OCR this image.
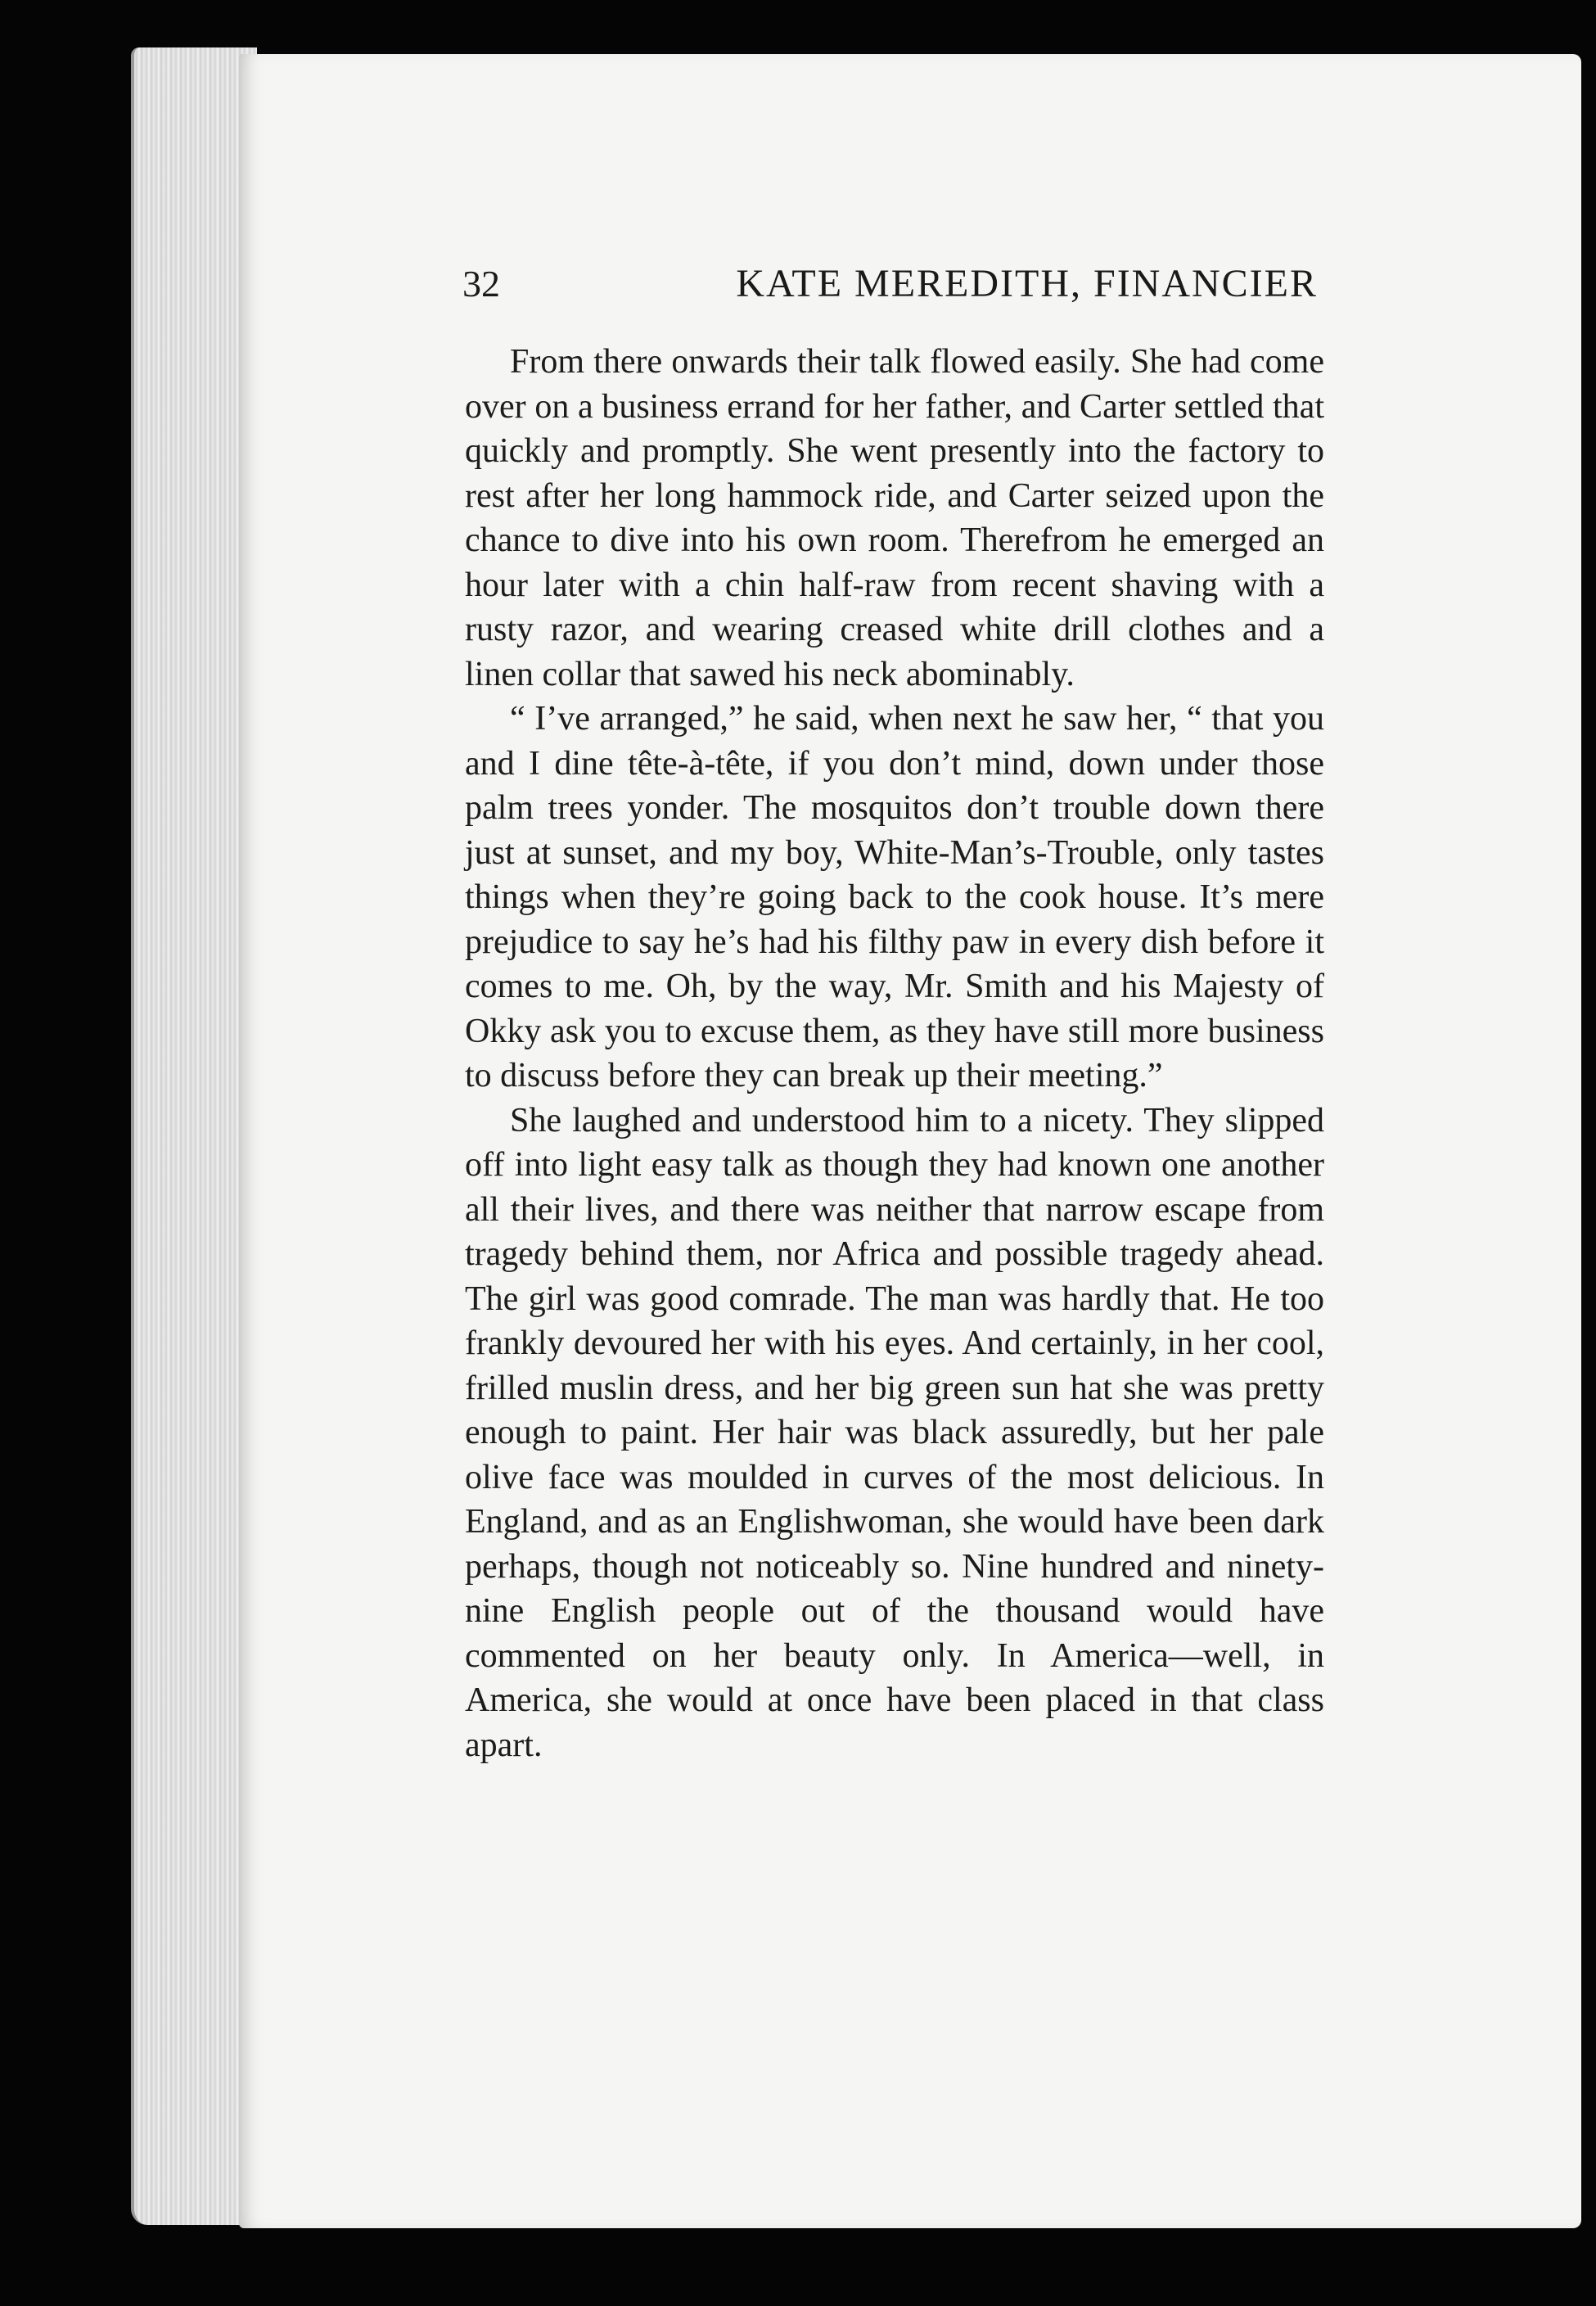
32	KATE MEREDITH, FINANCIER

From there onwards their talk flowed easily. She had come over on a business errand for her father, and Carter settled that quickly and promptly. She went presently into the factory to rest after her long hammock ride, and Carter seized upon the chance to dive into his own room. Therefrom he emerged an hour later with a chin half-raw from recent shaving with a rusty razor, and wearing creased white drill clothes and a linen collar that sawed his neck abominably.

“ I’ve arranged,” he said, when next he saw her, “ that you and I dine tête-à-tête, if you don’t mind, down under those palm trees yonder. The mosquitos don’t trouble down there just at sunset, and my boy, White-Man’s-Trouble, only tastes things when they’re going back to the cook house. It’s mere prejudice to say he’s had his filthy paw in every dish before it comes to me. Oh, by the way, Mr. Smith and his Majesty of Okky ask you to excuse them, as they have still more business to discuss before they can break up their meeting.”

She laughed and understood him to a nicety. They slipped off into light easy talk as though they had known one another all their lives, and there was neither that narrow escape from tragedy behind them, nor Africa and possible tragedy ahead. The girl was good comrade. The man was hardly that. He too frankly devoured her with his eyes. And certainly, in her cool, frilled muslin dress, and her big green sun hat she was pretty enough to paint. Her hair was black assuredly, but her pale olive face was moulded in curves of the most delicious. In England, and as an Englishwoman, she would have been dark perhaps, though not noticeably so. Nine hundred and ninety-nine English people out of the thousand would have commented on her beauty only. In America—well, in America, she would at once have been placed in that class apart.
